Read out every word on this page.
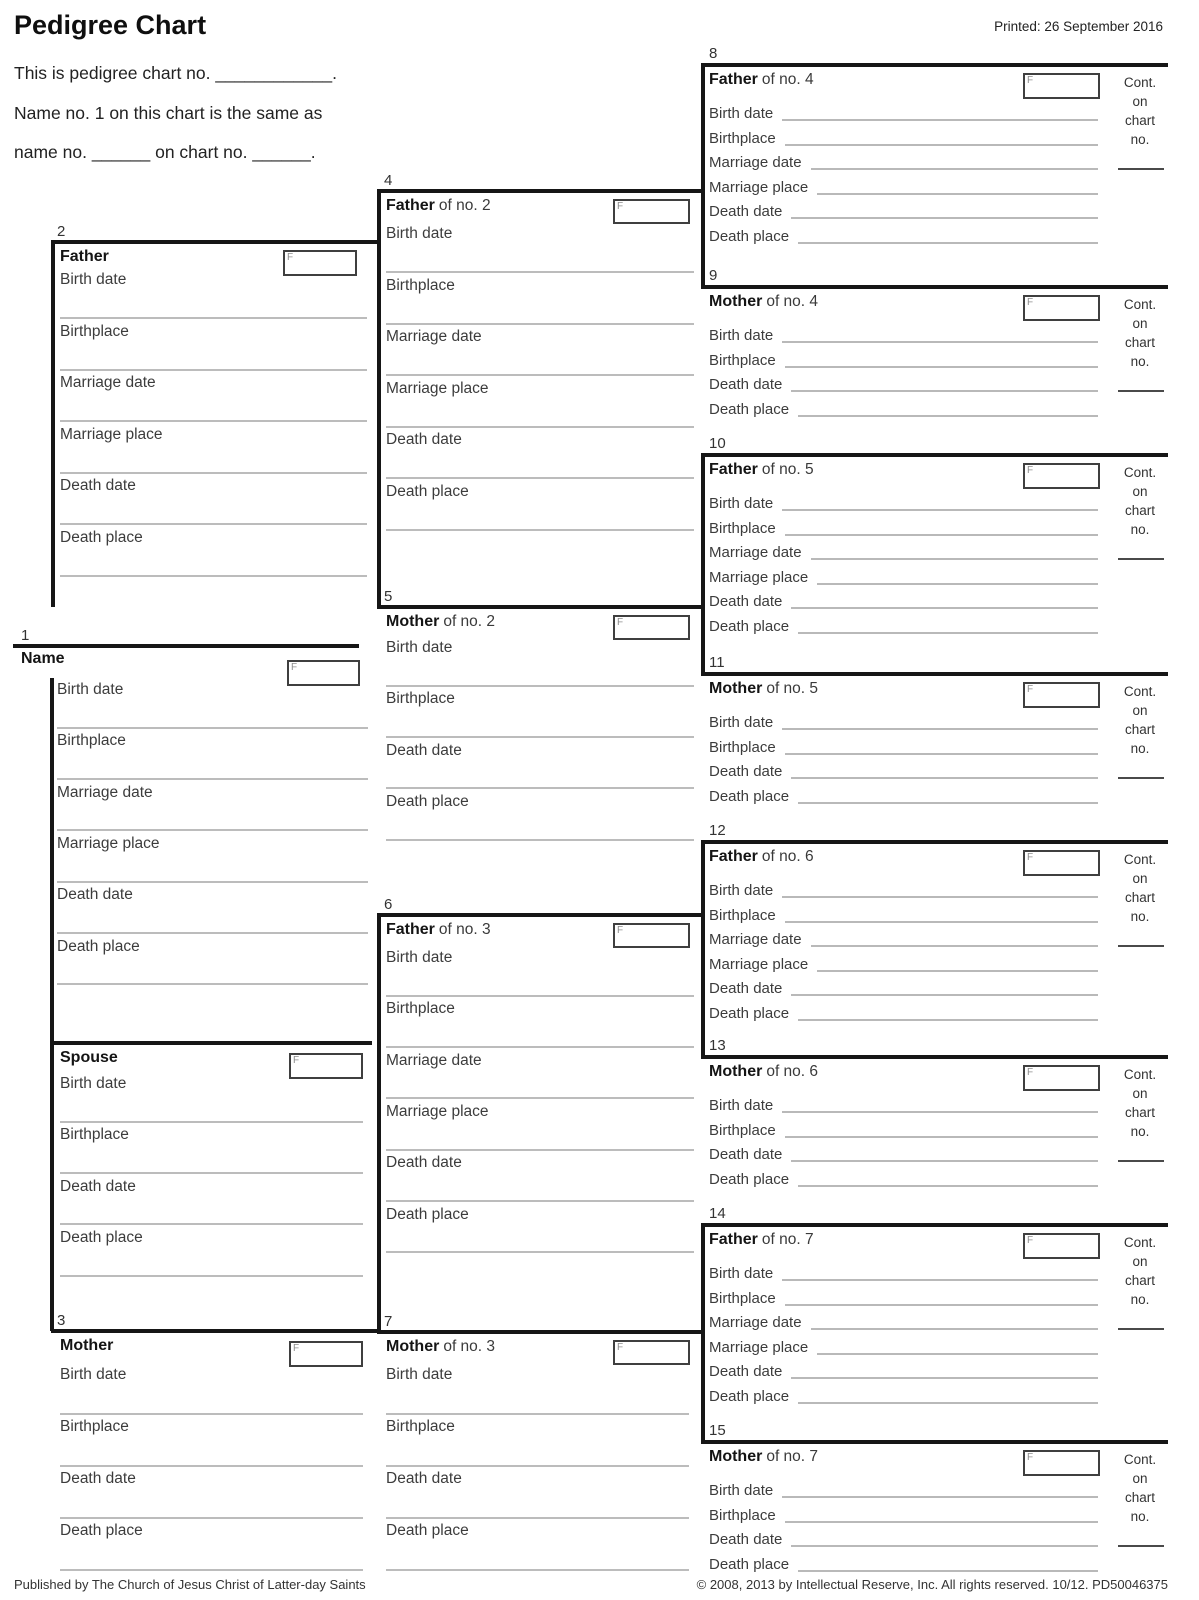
Pedigree Chart	Printed: 26 September 2016
This is pedigree chart no. ____________.
Name no. 1 on this chart is the same as
name no. ______ on chart no. ______.
Published by The Church of Jesus Christ of Latter-day Saints	© 2008, 2013 by Intellectual Reserve, Inc. All rights reserved. 10/12. PD50046375
1
Name
F
Birth date
Birthplace
Marriage date
Marriage place
Death date
Death place
2
Father	F
Birth date
Birthplace
Marriage date
Marriage place
Death date
Death place
3
Mother	F
Birth date
Birthplace
Death date
Death place
Spouse	F
Birth date
Birthplace
Death date
Death place
4
Father of no. 2	F
Birth date
Birthplace
Marriage date
Marriage place
Death date
Death place
5
Mother of no. 2	F
Birth date
Birthplace
Death date
Death place
6
Father of no. 3	F
Birth date
Birthplace
Marriage date
Marriage place
Death date
Death place
7
Mother of no. 3	F
Birth date
Birthplace
Death date
Death place
8
Father of no. 4	F
Birth date
Birthplace
Marriage date
Marriage place
Death date
Death place
Cont.
on
chart
no.
9
Mother of no. 4	F
Birth date
Birthplace
Death date
Death place
Cont.
on
chart
no.
10
Father of no. 5	F
Birth date
Birthplace
Marriage date
Marriage place
Death date
Death place
Cont.
on
chart
no.
11
Mother of no. 5	F
Birth date
Birthplace
Death date
Death place
Cont.
on
chart
no.
12
Father of no. 6	F
Birth date
Birthplace
Marriage date
Marriage place
Death date
Death place
Cont.
on
chart
no.
13
Mother of no. 6	F
Birth date
Birthplace
Death date
Death place
Cont.
on
chart
no.
14
Father of no. 7	F
Birth date
Birthplace
Marriage date
Marriage place
Death date
Death place
Cont.
on
chart
no.
15
Mother of no. 7	F
Birth date
Birthplace
Death date
Death place
Cont.
on
chart
no.
